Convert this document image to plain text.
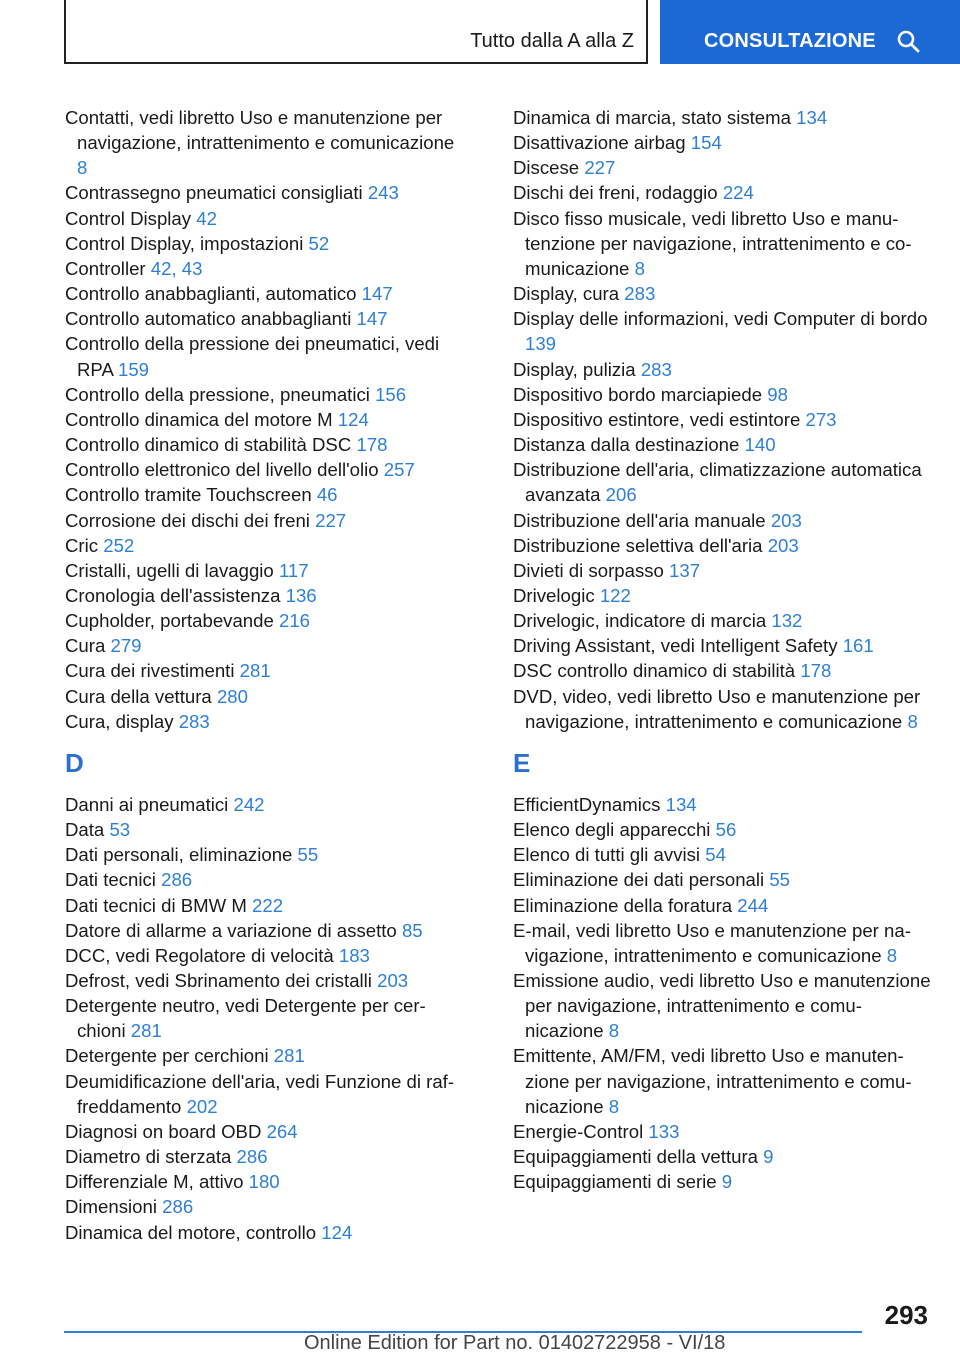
Tutto dalla A alla Z	CONSULTAZIONE
Contatti, vedi libretto Uso e manutenzione per navigazione, intrattenimento e comunicazione 8
Contrassegno pneumatici consigliati 243
Control Display 42
Control Display, impostazioni 52
Controller 42, 43
Controllo anabbaglianti, automatico 147
Controllo automatico anabbaglianti 147
Controllo della pressione dei pneumatici, vedi RPA 159
Controllo della pressione, pneumatici 156
Controllo dinamica del motore M 124
Controllo dinamico di stabilità DSC 178
Controllo elettronico del livello dell'olio 257
Controllo tramite Touchscreen 46
Corrosione dei dischi dei freni 227
Cric 252
Cristalli, ugelli di lavaggio 117
Cronologia dell'assistenza 136
Cupholder, portabevande 216
Cura 279
Cura dei rivestimenti 281
Cura della vettura 280
Cura, display 283
D
Danni ai pneumatici 242
Data 53
Dati personali, eliminazione 55
Dati tecnici 286
Dati tecnici di BMW M 222
Datore di allarme a variazione di assetto 85
DCC, vedi Regolatore di velocità 183
Defrost, vedi Sbrinamento dei cristalli 203
Detergente neutro, vedi Detergente per cerchioni 281
Detergente per cerchioni 281
Deumidificazione dell'aria, vedi Funzione di raffreddamento 202
Diagnosi on board OBD 264
Diametro di sterzata 286
Differenziale M, attivo 180
Dimensioni 286
Dinamica del motore, controllo 124
Dinamica di marcia, stato sistema 134
Disattivazione airbag 154
Discese 227
Dischi dei freni, rodaggio 224
Disco fisso musicale, vedi libretto Uso e manutenzione per navigazione, intrattenimento e comunicazione 8
Display, cura 283
Display delle informazioni, vedi Computer di bordo 139
Display, pulizia 283
Dispositivo bordo marciapiede 98
Dispositivo estintore, vedi estintore 273
Distanza dalla destinazione 140
Distribuzione dell'aria, climatizzazione automatica avanzata 206
Distribuzione dell'aria manuale 203
Distribuzione selettiva dell'aria 203
Divieti di sorpasso 137
Drivelogic 122
Drivelogic, indicatore di marcia 132
Driving Assistant, vedi Intelligent Safety 161
DSC controllo dinamico di stabilità 178
DVD, video, vedi libretto Uso e manutenzione per navigazione, intrattenimento e comunicazione 8
E
EfficientDynamics 134
Elenco degli apparecchi 56
Elenco di tutti gli avvisi 54
Eliminazione dei dati personali 55
Eliminazione della foratura 244
E-mail, vedi libretto Uso e manutenzione per navigazione, intrattenimento e comunicazione 8
Emissione audio, vedi libretto Uso e manutenzione per navigazione, intrattenimento e comunicazione 8
Emittente, AM/FM, vedi libretto Uso e manutenzione per navigazione, intrattenimento e comunicazione 8
Energie-Control 133
Equipaggiamenti della vettura 9
Equipaggiamenti di serie 9
293
Online Edition for Part no. 01402722958 - VI/18
